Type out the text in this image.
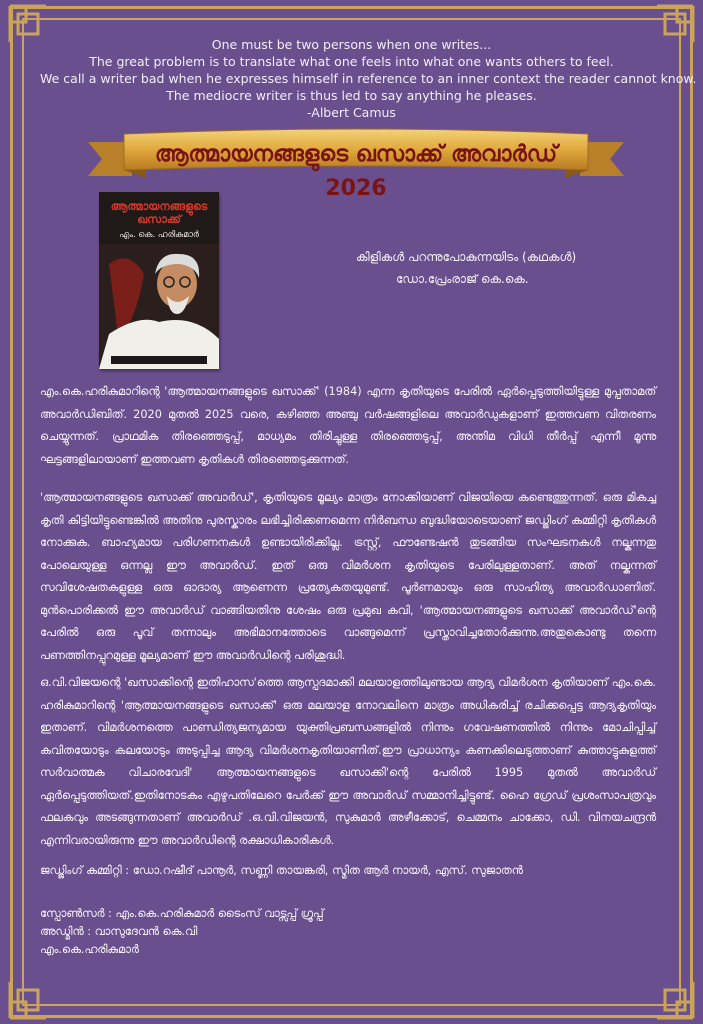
One must be two persons when one writes...
The great problem is to translate what one feels into what one wants others to feel.
We call a writer bad when he expresses himself in reference to an inner context the reader cannot know.
The mediocre writer is thus led to say anything he pleases.
-Albert Camus
ആത്മായനങ്ങളുടെ ഖസാക്ക് അവാർഡ് 2026
ആത്മായനങ്ങളുടെ ഖസാക്ക്
എം. കെ. ഹരികുമാർ
കിളികൾ പറന്നുപോകുന്നയിടം (കഥകൾ)
ഡോ.പ്രേംരാജ് കെ.കെ.
എം.കെ.ഹരികുമാറിന്റെ 'ആത്മായനങ്ങളുടെ ഖസാക്ക്' (1984) എന്ന കൃതിയുടെ പേരിൽ ഏർപ്പെടുത്തിയിട്ടുള്ള മുപ്പതാമത് അവാർഡിബിത്. 2020 മുതൽ 2025 വരെ, കഴിഞ്ഞ അഞ്ചു വർഷങ്ങളിലെ അവാർഡുകളാണ് ഇത്തവണ വിതരണം ചെയ്യുന്നത്. പ്രാഥമിക തിരഞ്ഞെടുപ്പ്, മാധ്യമം തിരിച്ചുള്ള തിരഞ്ഞെടുപ്പ്, അന്തിമ വിധി തീർപ്പ് എന്നീ മൂന്നു ഘട്ടങ്ങളിലായാണ് ഇത്തവണ കൃതികൾ തിരഞ്ഞെടുക്കുന്നത്.
'ആത്മായനങ്ങളുടെ ഖസാക്ക് അവാർഡ്', കൃതിയുടെ മൂല്യം മാത്രം നോക്കിയാണ് വിജയിയെ കണ്ടെത്തുന്നത്. ഒരു മികച്ച കൃതി കിട്ടിയിട്ടുണ്ടെങ്കിൽ അതിനു പുരസ്കാരം ലഭിച്ചിരിക്കണമെന്ന നിർബന്ധ ബുദ്ധിയോടെയാണ് ജഡ്ജിംഗ് കമ്മിറ്റി കൃതികൾ നോക്കുക. ബാഹ്യമായ പരിഗണനകൾ ഉണ്ടായിരിക്കില്ല. ട്രസ്റ്റ്, ഫൗണ്ടേഷൻ തുടങ്ങിയ സംഘടനകൾ നല്കുന്നതു പോലെയുള്ള ഒന്നല്ല ഈ അവാർഡ്. ഇത് ഒരു വിമർശന കൃതിയുടെ പേരിലുള്ളതാണ്. അത് നല്കുന്നത് സവിശേഷതകളുള്ള ഒരു ഓദാര്യ ആണെന്ന പ്രത്യേകതയുമുണ്ട്. പൂർണമായും ഒരു സാഹിത്യ അവാർഡാണിത്. മുൻപൊരിക്കൽ ഈ അവാർഡ് വാങ്ങിയതിനു ശേഷം ഒരു പ്രമുഖ കവി, 'ആത്മായനങ്ങളുടെ ഖസാക്ക് അവാർഡ്'ന്റെ പേരിൽ ഒരു പൂവ് തന്നാലും അഭിമാനത്തോടെ വാങ്ങുമെന്ന് പ്രസ്താവിച്ചതോർക്കുന്നു.അതുകൊണ്ടു തന്നെ പണത്തിനപ്പുറമുള്ള മൂല്യമാണ് ഈ അവാർഡിന്റെ പരിശുദ്ധി.
ഒ.വി.വിജയന്റെ 'ഖസാക്കിന്റെ ഇതിഹാസ'ത്തെ ആസ്പദമാക്കി മലയാളത്തിലുണ്ടായ ആദ്യ വിമർശന കൃതിയാണ് എം.കെ. ഹരികുമാറിന്റെ 'ആത്മായനങ്ങളുടെ ഖസാക്ക്' ഒരു മലയാള നോവലിനെ മാത്രം അധികരിച്ച് രചിക്കപ്പെട്ട ആദ്യകൃതിയും ഇതാണ്. വിമർശനത്തെ പാണ്ഡിത്യജന്യമായ യുക്തിപ്രബന്ധങ്ങളിൽ നിന്നും ഗവേഷണത്തിൽ നിന്നും മോചിപ്പിച്ച് കവിതയോടും കലയോടും അടുപ്പിച്ച ആദ്യ വിമർശനകൃതിയാണിത്.ഈ പ്രാധാന്യം കണക്കിലെടുത്താണ് കുത്താട്ടുകുളത്ത് സർവാത്മക വിചാരവേദി' ആത്മായനങ്ങളുടെ ഖസാക്കി'ന്റെ പേരിൽ 1995 മുതൽ അവാർഡ് ഏർപ്പെടുത്തിയത്.ഇതിനോടകം എഴുപതിലേറെ പേർക്ക് ഈ അവാർഡ് സമ്മാനിച്ചിട്ടുണ്ട്. ഹൈ ഗ്രേഡ് പ്രശംസാപത്രവും ഫലകവും അടങ്ങുന്നതാണ് അവാർഡ് .ഒ.വി.വിജയൻ, സുകുമാർ അഴീക്കോട്, ചെമ്മനം ചാക്കോ, ഡി. വിനയചന്ദ്രൻ എന്നിവരായിരുന്നു ഈ അവാർഡിന്റെ രക്ഷാധികാരികൾ.
ജഡ്ജിംഗ് കമ്മിറ്റി : ഡോ.റഷീദ് പാനൂർ, സണ്ണി തായങ്കരി, സ്മിത ആർ നായർ, എസ്. സുജാതൻ
സ്പോൺസർ : എം.കെ.ഹരികുമാർ ടൈംസ് വാട്സപ്പ് ഗ്രൂപ്പ്
അഡ്മിൻ : വാസുദേവൻ കെ.വി
എം.കെ.ഹരികുമാർ
